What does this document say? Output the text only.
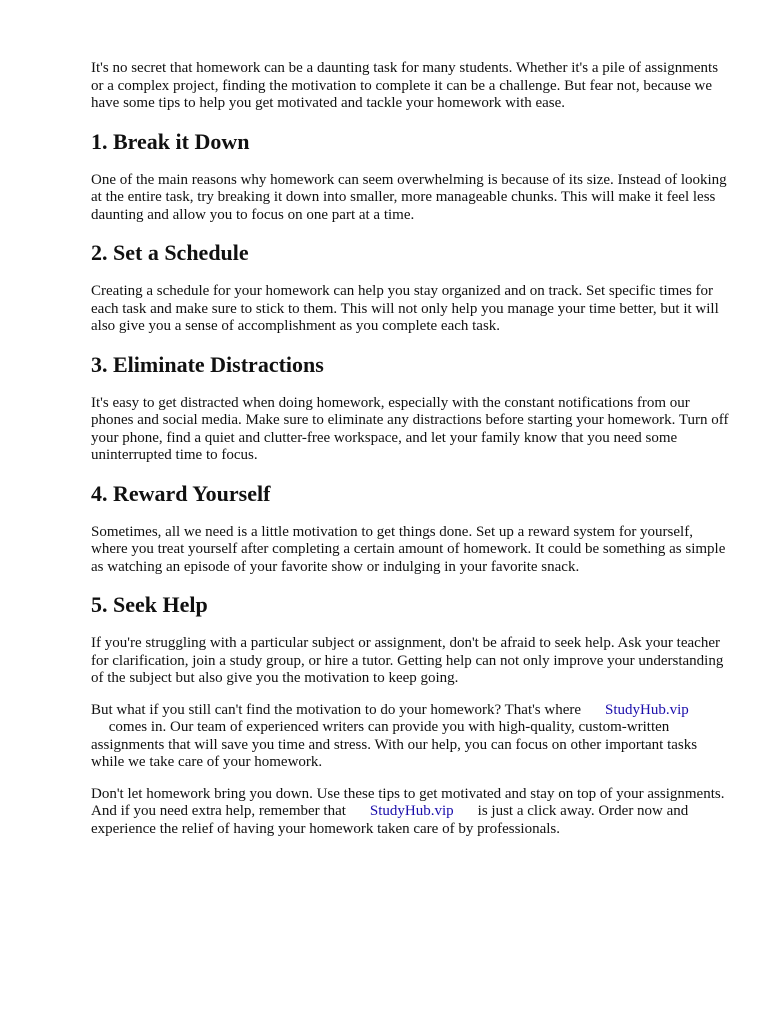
It's no secret that homework can be a daunting task for many students. Whether it's a pile of assignments or a complex project, finding the motivation to complete it can be a challenge. But fear not, because we have some tips to help you get motivated and tackle your homework with ease.

1. Break it Down

One of the main reasons why homework can seem overwhelming is because of its size. Instead of looking at the entire task, try breaking it down into smaller, more manageable chunks. This will make it feel less daunting and allow you to focus on one part at a time.

2. Set a Schedule

Creating a schedule for your homework can help you stay organized and on track. Set specific times for each task and make sure to stick to them. This will not only help you manage your time better, but it will also give you a sense of accomplishment as you complete each task.

3. Eliminate Distractions

It's easy to get distracted when doing homework, especially with the constant notifications from our phones and social media. Make sure to eliminate any distractions before starting your homework. Turn off your phone, find a quiet and clutter-free workspace, and let your family know that you need some uninterrupted time to focus.

4. Reward Yourself

Sometimes, all we need is a little motivation to get things done. Set up a reward system for yourself, where you treat yourself after completing a certain amount of homework. It could be something as simple as watching an episode of your favorite show or indulging in your favorite snack.

5. Seek Help

If you're struggling with a particular subject or assignment, don't be afraid to seek help. Ask your teacher for clarification, join a study group, or hire a tutor. Getting help can not only improve your understanding of the subject but also give you the motivation to keep going.

But what if you still can't find the motivation to do your homework? That's where StudyHub.vip
comes in. Our team of experienced writers can provide you with high-quality, custom-written assignments that will save you time and stress. With our help, you can focus on other important tasks while we take care of your homework.

Don't let homework bring you down. Use these tips to get motivated and stay on top of your assignments. And if you need extra help, remember that StudyHub.vip is just a click away. Order now and experience the relief of having your homework taken care of by professionals.
